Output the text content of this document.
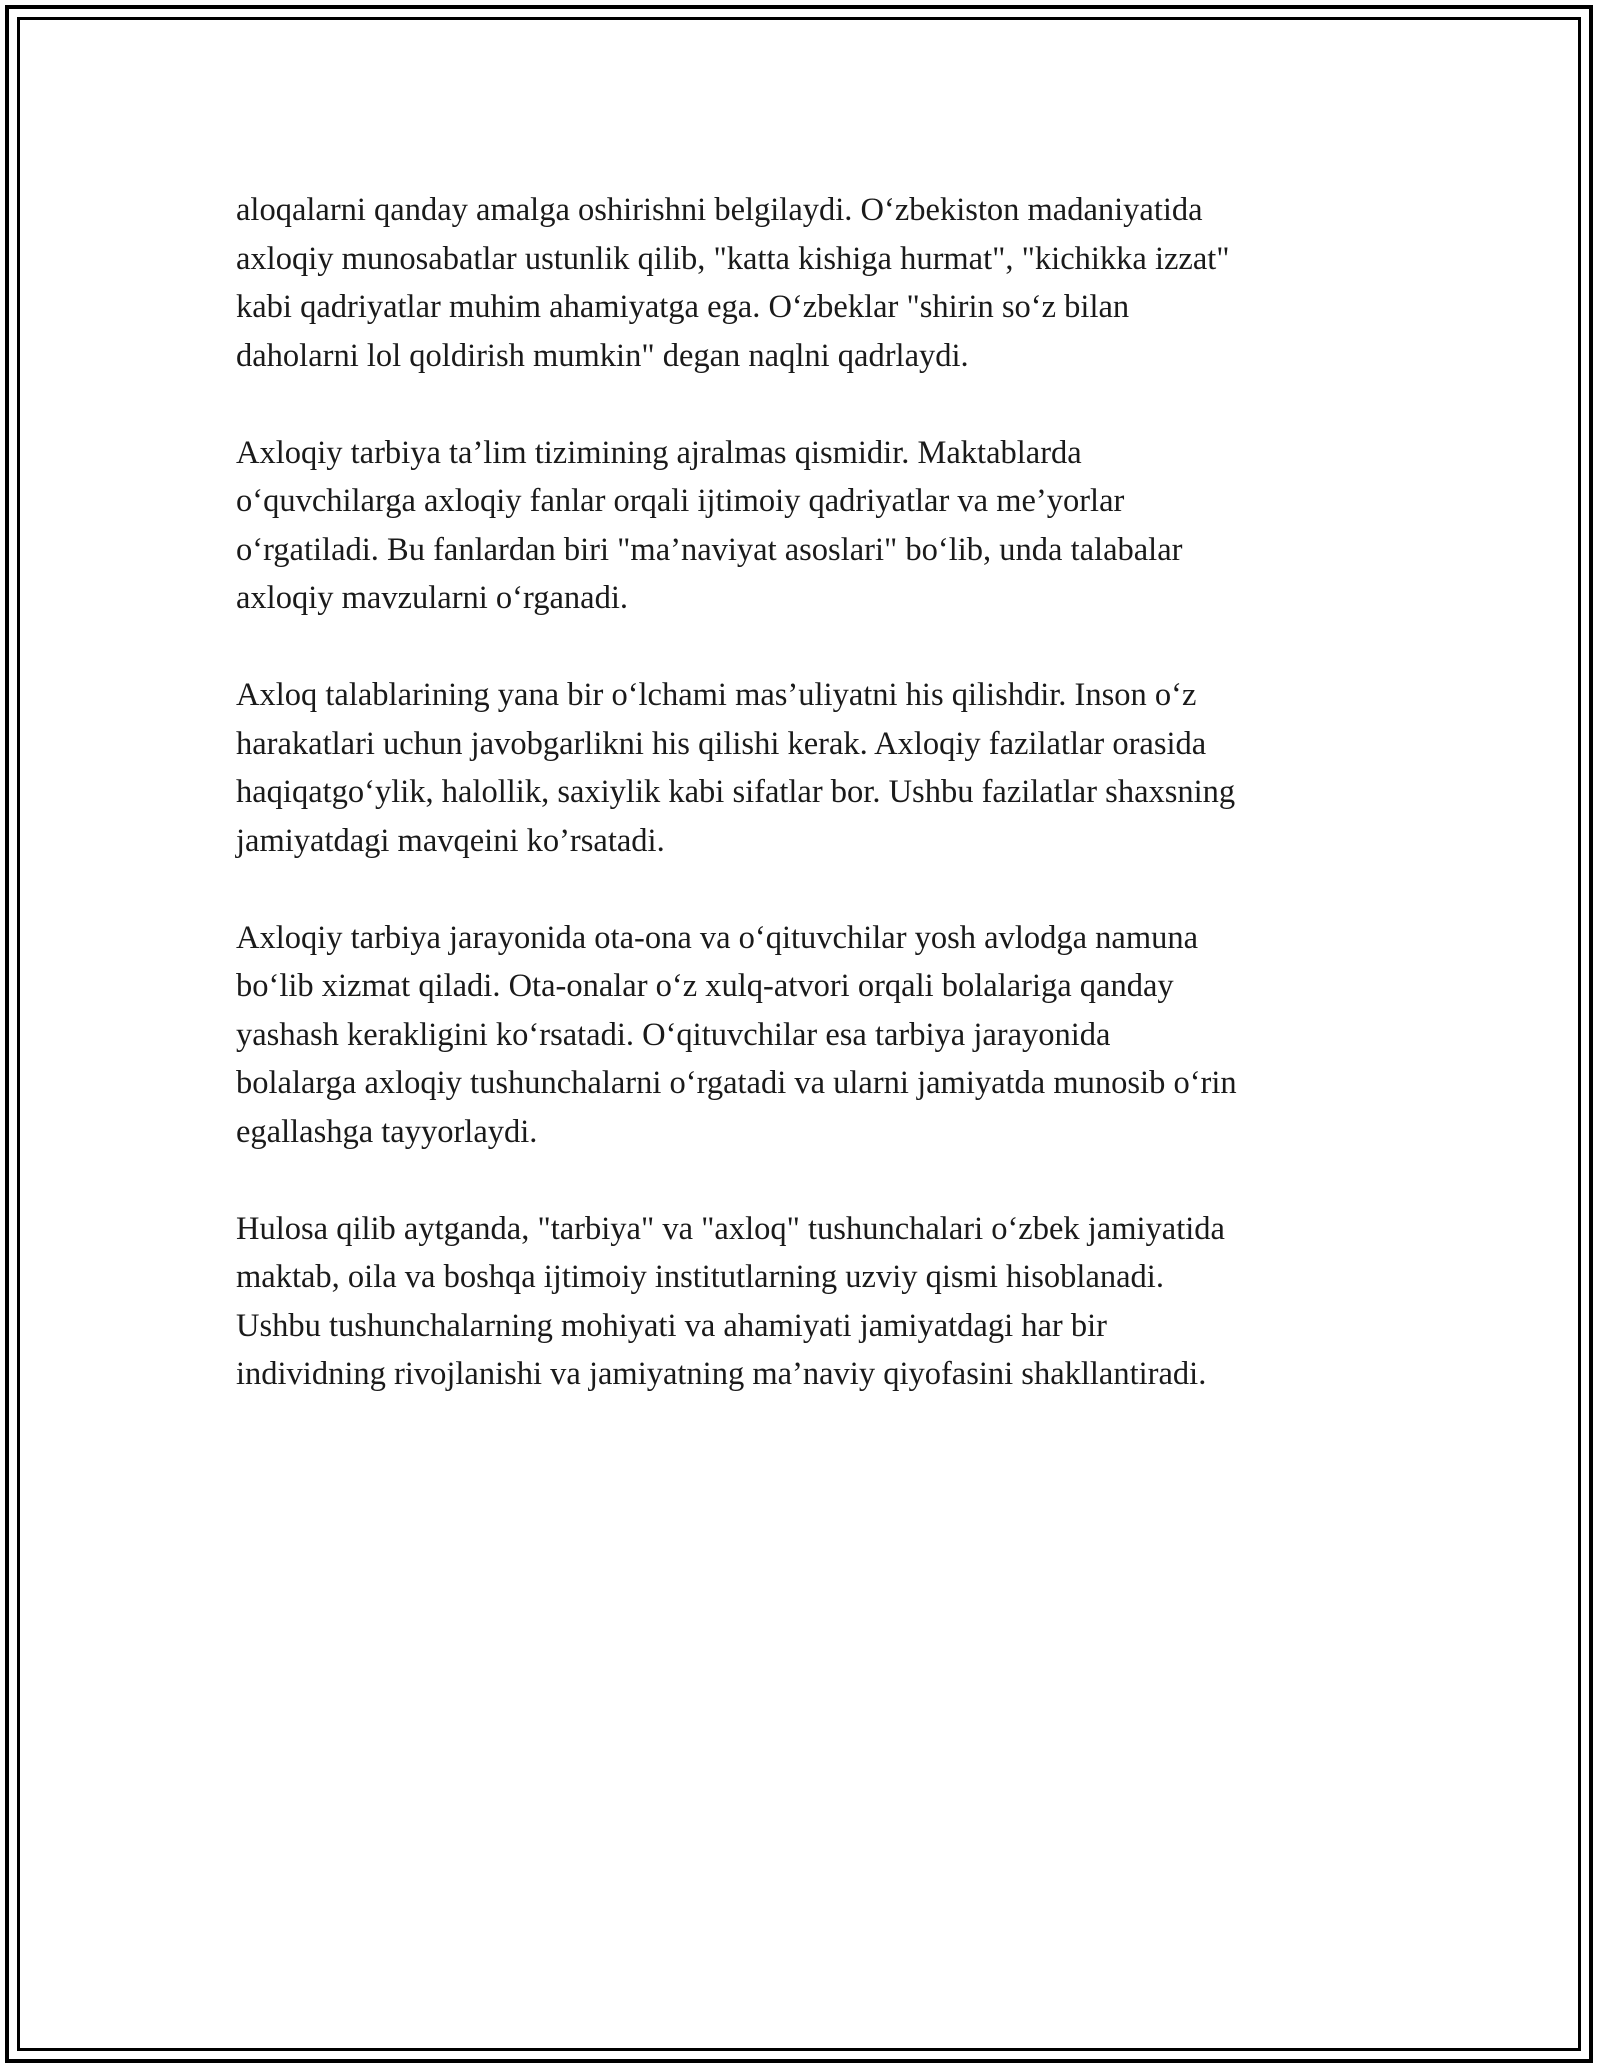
aloqalarni qanday amalga oshirishni belgilaydi. O‘zbekiston madaniyatida
axloqiy munosabatlar ustunlik qilib, "katta kishiga hurmat", "kichikka izzat"
kabi qadriyatlar muhim ahamiyatga ega. O‘zbeklar "shirin so‘z bilan
daholarni lol qoldirish mumkin" degan naqlni qadrlaydi.

Axloqiy tarbiya ta’lim tizimining ajralmas qismidir. Maktablarda
o‘quvchilarga axloqiy fanlar orqali ijtimoiy qadriyatlar va me’yorlar
o‘rgatiladi. Bu fanlardan biri "ma’naviyat asoslari" bo‘lib, unda talabalar
axloqiy mavzularni o‘rganadi.

Axloq talablarining yana bir o‘lchami mas’uliyatni his qilishdir. Inson o‘z
harakatlari uchun javobgarlikni his qilishi kerak. Axloqiy fazilatlar orasida
haqiqatgo‘ylik, halollik, saxiylik kabi sifatlar bor. Ushbu fazilatlar shaxsning
jamiyatdagi mavqeini ko’rsatadi.

Axloqiy tarbiya jarayonida ota-ona va o‘qituvchilar yosh avlodga namuna
bo‘lib xizmat qiladi. Ota-onalar o‘z xulq-atvori orqali bolalariga qanday
yashash kerakligini ko‘rsatadi. O‘qituvchilar esa tarbiya jarayonida
bolalarga axloqiy tushunchalarni o‘rgatadi va ularni jamiyatda munosib o‘rin
egallashga tayyorlaydi.

Hulosa qilib aytganda, "tarbiya" va "axloq" tushunchalari o‘zbek jamiyatida
maktab, oila va boshqa ijtimoiy institutlarning uzviy qismi hisoblanadi.
Ushbu tushunchalarning mohiyati va ahamiyati jamiyatdagi har bir
individning rivojlanishi va jamiyatning ma’naviy qiyofasini shakllantiradi.
